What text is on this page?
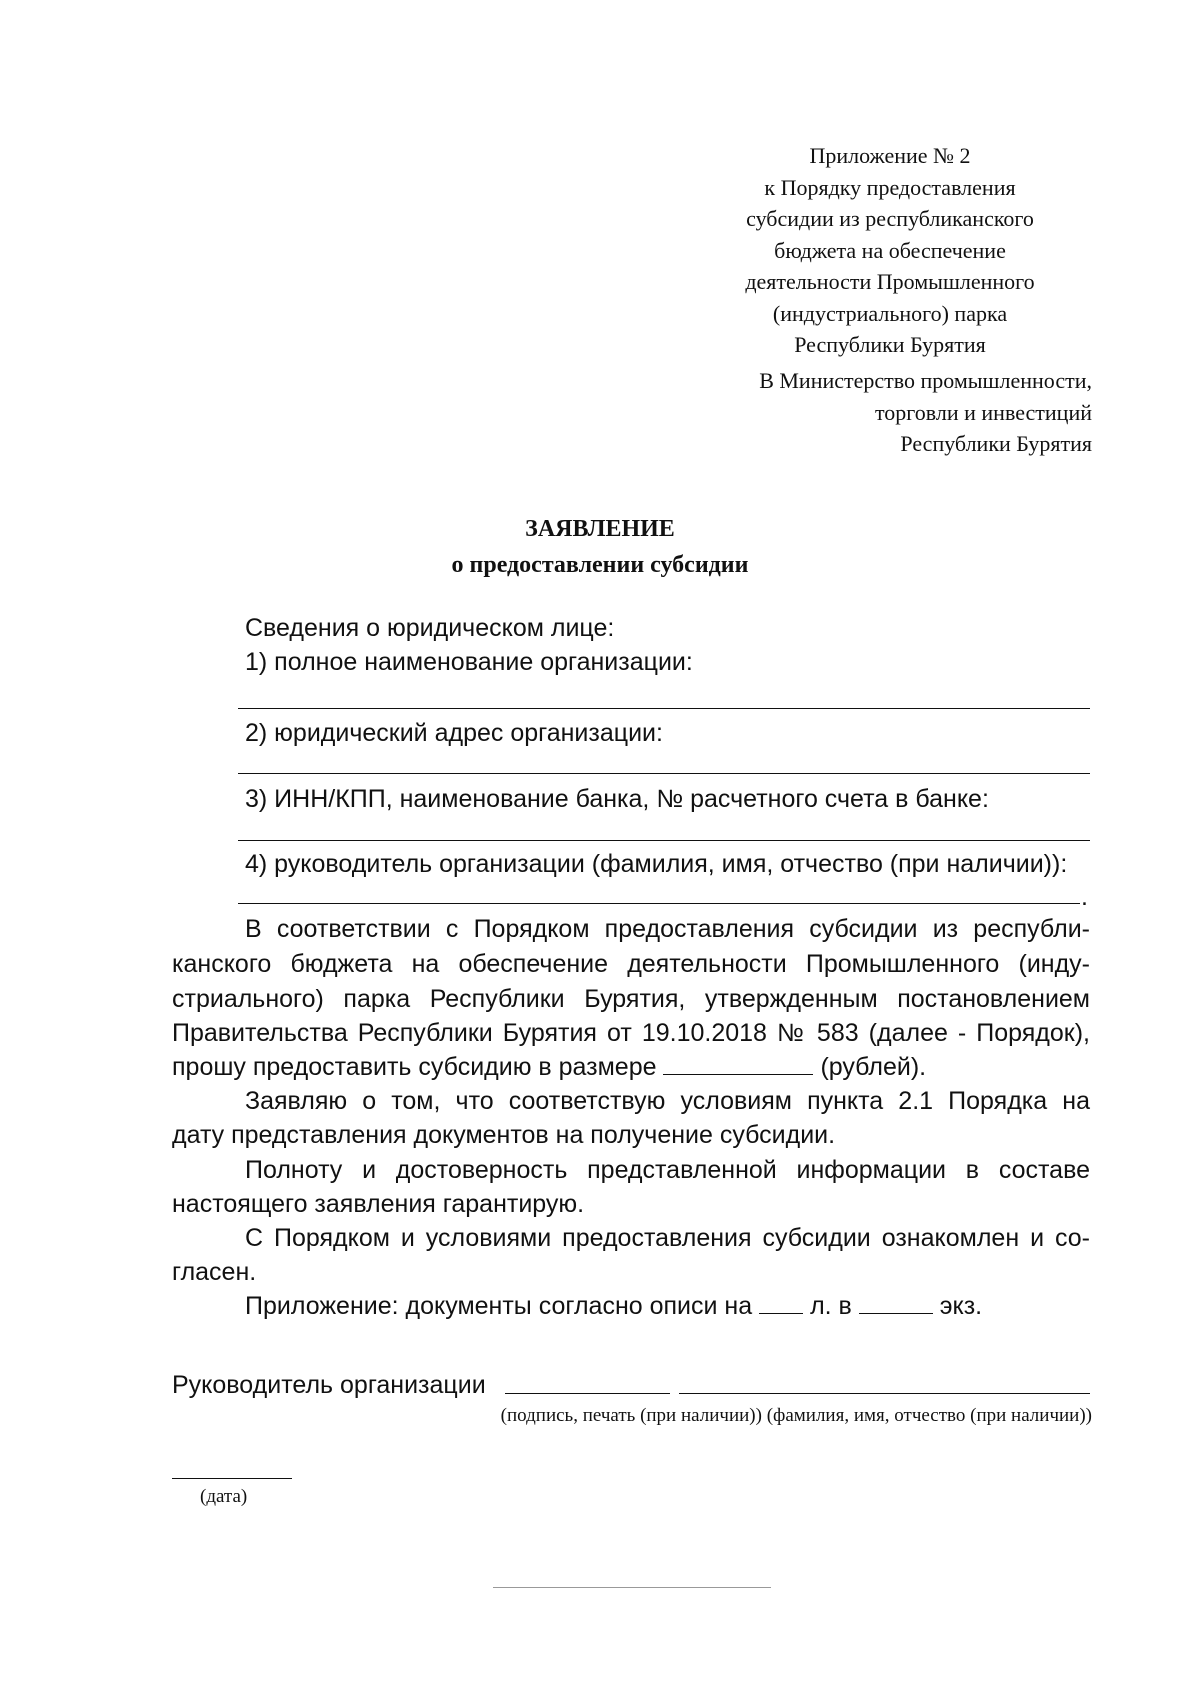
Приложение № 2
к Порядку предоставления
субсидии из республиканского
бюджета на обеспечение
деятельности Промышленного
(индустриального) парка
Республики Бурятия
В Министерство промышленности,
торговли и инвестиций
Республики Бурятия
ЗАЯВЛЕНИЕ
о предоставлении субсидии
Сведения о юридическом лице:
1) полное наименование организации:
2) юридический адрес организации:
3) ИНН/КПП, наименование банка, № расчетного счета в банке:
4) руководитель организации (фамилия, имя, отчество (при наличии)):
.
В соответствии с Порядком предоставления субсидии из республи-
канского бюджета на обеспечение деятельности Промышленного (инду-
стриального) парка Республики Бурятия, утвержденным постановлением
Правительства Республики Бурятия от 19.10.2018 № 583 (далее - Порядок),
прошу предоставить субсидию в размере	(рублей).
Заявляю о том, что соответствую условиям пункта 2.1 Порядка на
дату представления документов на получение субсидии.
Полноту и достоверность представленной информации в составе
настоящего заявления гарантирую.
С Порядком и условиями предоставления субсидии ознакомлен и со-
гласен.
Приложение: документы согласно описи на л. в	экз.
Руководитель организации
(подпись, печать (при наличии)) (фамилия, имя, отчество (при наличии))
(дата)
